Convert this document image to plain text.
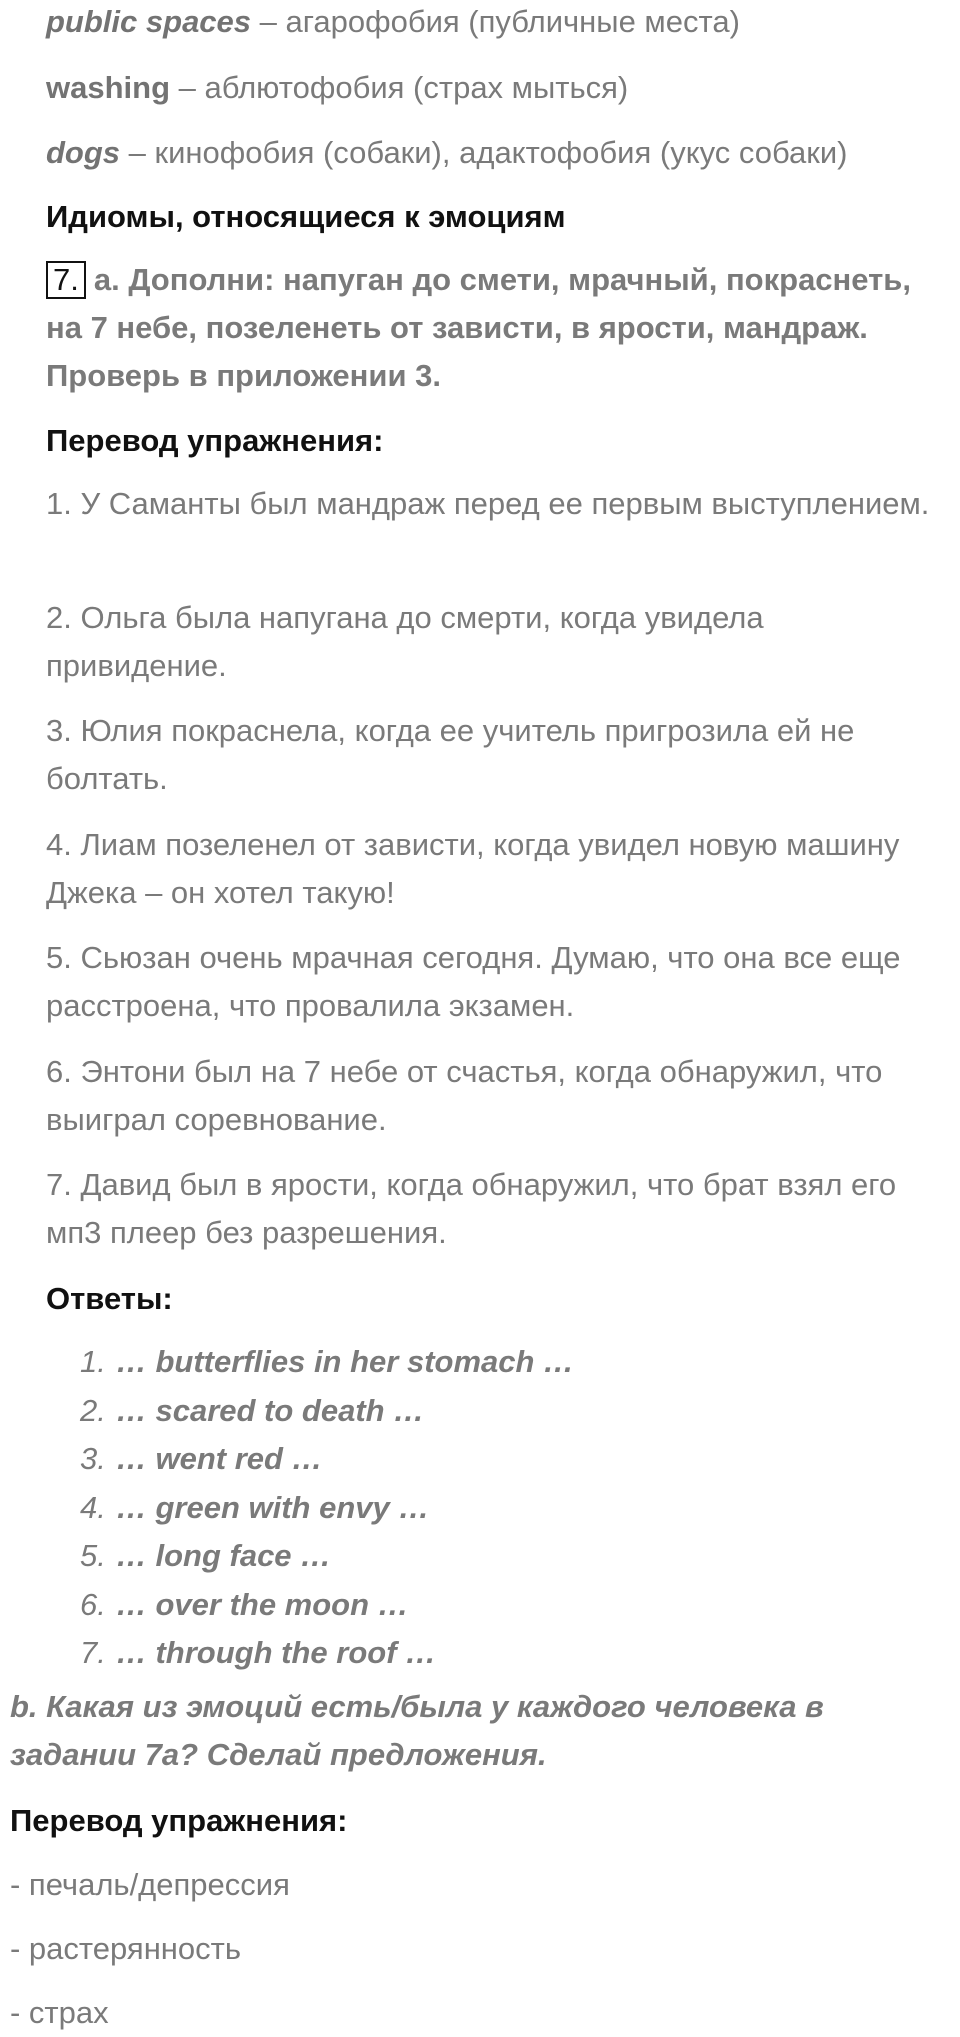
public spaces – агарофобия (публичные места)
washing – аблютофобия (страх мыться)
dogs – кинофобия (собаки), адактофобия (укус собаки)
Идиомы, относящиеся к эмоциям
7. a. Дополни: напуган до смети, мрачный, покраснеть, на 7 небе, позеленеть от зависти, в ярости, мандраж. Проверь в приложении 3.
Перевод упражнения:
1. У Саманты был мандраж перед ее первым выступлением.
2. Ольга была напугана до смерти, когда увидела привидение.
3. Юлия покраснела, когда ее учитель пригрозила ей не болтать.
4. Лиам позеленел от зависти, когда увидел новую машину Джека – он хотел такую!
5. Сьюзан очень мрачная сегодня. Думаю, что она все еще расстроена, что провалила экзамен.
6. Энтони был на 7 небе от счастья, когда обнаружил, что выиграл соревнование.
7. Давид был в ярости, когда обнаружил, что брат взял его мп3 плеер без разрешения.
Ответы:
1. … butterflies in her stomach …
2. … scared to death …
3. … went red …
4. … green with envy …
5. … long face …
6. … over the moon …
7. … through the roof …
b. Какая из эмоций есть/была у каждого человека в задании 7a? Сделай предложения.
Перевод упражнения:
- печаль/депрессия
- растерянность
- страх
